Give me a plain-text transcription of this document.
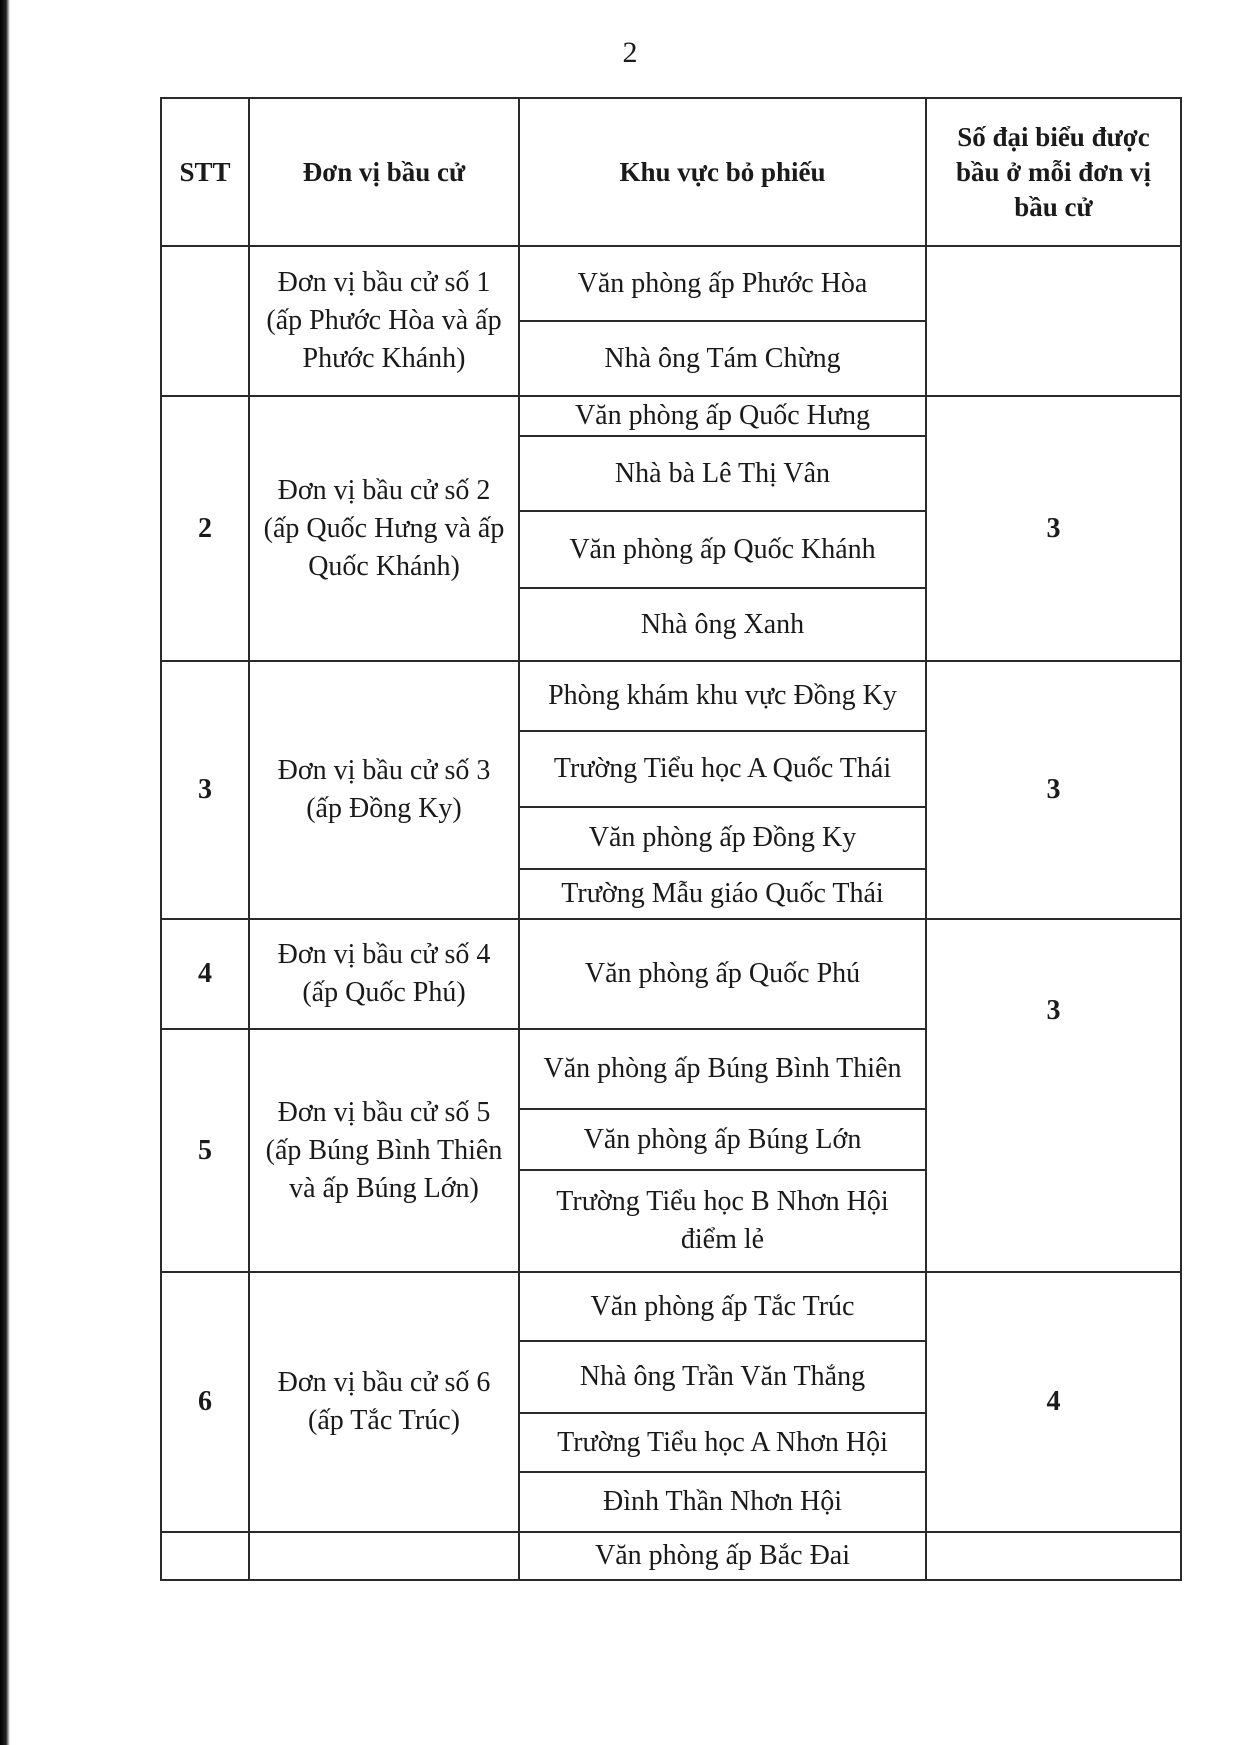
2
STT	Đơn vị bầu cử	Khu vực bỏ phiếu	Số đại biểu được bầu ở mỗi đơn vị bầu cử
	Đơn vị bầu cử số 1 (ấp Phước Hòa và ấp Phước Khánh)	Văn phòng ấp Phước Hòa	
		Nhà ông Tám Chừng	
2	Đơn vị bầu cử số 2 (ấp Quốc Hưng và ấp Quốc Khánh)	Văn phòng ấp Quốc Hưng	3
		Nhà bà Lê Thị Vân	
		Văn phòng ấp Quốc Khánh	
		Nhà ông Xanh	
3	Đơn vị bầu cử số 3 (ấp Đồng Ky)	Phòng khám khu vực Đồng Ky	3
		Trường Tiểu học A Quốc Thái	
		Văn phòng ấp Đồng Ky	
		Trường Mẫu giáo Quốc Thái	
4	Đơn vị bầu cử số 4 (ấp Quốc Phú)	Văn phòng ấp Quốc Phú	3
5	Đơn vị bầu cử số 5 (ấp Búng Bình Thiên và ấp Búng Lớn)	Văn phòng ấp Búng Bình Thiên	
		Văn phòng ấp Búng Lớn	
		Trường Tiểu học B Nhơn Hội điểm lẻ	
6	Đơn vị bầu cử số 6 (ấp Tắc Trúc)	Văn phòng ấp Tắc Trúc	4
		Nhà ông Trần Văn Thắng	
		Trường Tiểu học A Nhơn Hội	
		Đình Thần Nhơn Hội	
		Văn phòng ấp Bắc Đai	
